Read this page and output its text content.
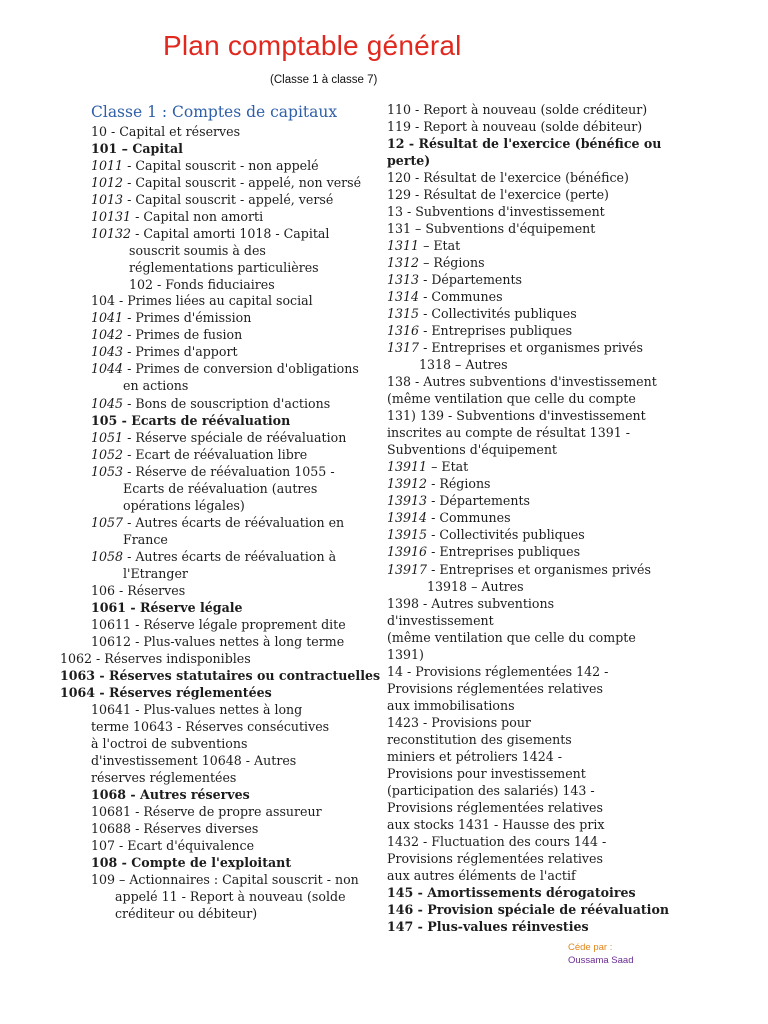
Plan comptable général
(Classe 1 à classe 7)
Classe 1 : Comptes de capitaux
10 - Capital et réserves
101 – Capital
1011 - Capital souscrit - non appelé
1012 - Capital souscrit - appelé, non versé
1013 - Capital souscrit - appelé, versé
10131 - Capital non amorti
10132 - Capital amorti 1018 - Capital
souscrit soumis à des
réglementations particulières
102 - Fonds fiduciaires
104 - Primes liées au capital social
1041 - Primes d'émission
1042 - Primes de fusion
1043 - Primes d'apport
1044 - Primes de conversion d'obligations
en actions
1045 - Bons de souscription d'actions
105 - Ecarts de réévaluation
1051 - Réserve spéciale de réévaluation
1052 - Ecart de réévaluation libre
1053 - Réserve de réévaluation 1055 -
Ecarts de réévaluation (autres
opérations légales)
1057 - Autres écarts de réévaluation en
France
1058 - Autres écarts de réévaluation à
l'Etranger
106 - Réserves
1061 - Réserve légale
10611 - Réserve légale proprement dite
10612 - Plus-values nettes à long terme
1062 - Réserves indisponibles
1063 - Réserves statutaires ou contractuelles
1064 - Réserves réglementées
10641 - Plus-values nettes à long
terme 10643 - Réserves consécutives
à l'octroi de subventions
d'investissement 10648 - Autres
réserves réglementées
1068 - Autres réserves
10681 - Réserve de propre assureur
10688 - Réserves diverses
107 - Ecart d'équivalence
108 - Compte de l'exploitant
109 – Actionnaires : Capital souscrit - non
appelé 11 - Report à nouveau (solde
créditeur ou débiteur)
110 - Report à nouveau (solde créditeur)
119 - Report à nouveau (solde débiteur)
12 - Résultat de l'exercice (bénéfice ou
perte)
120 - Résultat de l'exercice (bénéfice)
129 - Résultat de l'exercice (perte)
13 - Subventions d'investissement
131 – Subventions d'équipement
1311 – Etat
1312 – Régions
1313 - Départements
1314 - Communes
1315 - Collectivités publiques
1316 - Entreprises publiques
1317 - Entreprises et organismes privés
1318 – Autres
138 - Autres subventions d'investissement
(même ventilation que celle du compte
131) 139 - Subventions d'investissement
inscrites au compte de résultat 1391 -
Subventions d'équipement
13911 – Etat
13912 - Régions
13913 - Départements
13914 - Communes
13915 - Collectivités publiques
13916 - Entreprises publiques
13917 - Entreprises et organismes privés
13918 – Autres
1398 - Autres subventions
d'investissement
(même ventilation que celle du compte
1391)
14 - Provisions réglementées 142 -
Provisions réglementées relatives
aux immobilisations
1423 - Provisions pour
reconstitution des gisements
miniers et pétroliers 1424 -
Provisions pour investissement
(participation des salariés) 143 -
Provisions réglementées relatives
aux stocks 1431 - Hausse des prix
1432 - Fluctuation des cours 144 -
Provisions réglementées relatives
aux autres éléments de l'actif
145 - Amortissements dérogatoires
146 - Provision spéciale de réévaluation
147 - Plus-values réinvesties
Céde par :
Oussama Saad
